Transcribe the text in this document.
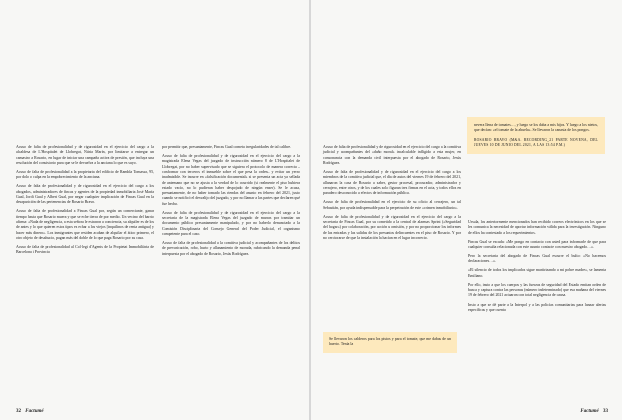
Acuso de falta de profesionalidad y de rigurosidad en el ejercicio del cargo a la alcaldesa de L'Hospitalet de Llobregat, Núria Marín, por limitarse a entregar un camastro a Rosario, en lugar de iniciar una campaña activa de presión, que incluya una resolución del consistorio para que se le devuelva a la anciana lo que es suyo.

Acuso de falta de profesionalidad a la propietaria del edificio de Rambla Tomassa, 95, por dolo o culpa en la empobrecimiento de la anciana.

Acuso de falta de profesionalidad y de rigurosidad en el ejercicio del cargo a los abogados, administradores de fincas y agentes de la propiedad inmobiliaria José María Gual, Jordi Gual y Albert Gual, por negar cualquier implicación de Fincas Gual en la desaparición de las pertenencias de Rosario Bravo.

Acuso de falta de profesionalidad a Fincas Gual por, según un comerciante, ganar tiempo hasta que Rosario muera y que se eche tierra de por medio. Un vecino del barrio afirma: «Nada de negligencia, a esta señora le estraron a conciencia, su alquiler es de los de antes y lo que quieren estos tipos es echar a los viejos [inquilinos de renta antigua] y hacer más dinero». Los inmigrantes que residen acaban de alquilar el ático primero, el otro objeto de desahucio, pagan más del doble de lo que paga Rosario por su casa.

Acuso de falta de profesionalidad al Col·legi d'Agents de la Propietat Immobiliària de Barcelona i Provincia

por permitir que, presuntamente, Fincas Gual cometa irregularidades de tal calibre.

Acuso de falta de profesionalidad y de rigurosidad en el ejercicio del cargo a la magistrada Elena Vegas del juzgado de instrucción número 8 de L'Hospitalet de Llobregat, por no haber supervisado que se siguiera el protocolo de manera correcta –conformar con terceros el inmueble sobre el que pesa la orden– y evitar un yerro inadmisible. Se incurre en «falsificación documental» si se presenta un acta ya sellada de antemano que no se ajusta a la verdad de lo ocurrido (si realmente el piso hubiera estado vacío, no lo pudieran haber despojado de ningún enser). Se le acusa, presuntamente, de no haber tomado las riendas del asunto en febrero del 2021, justo cuando se notificó el desvalijo del juzgado, y por no llamar a las partes que declaren qué fue hecho.

Acuso de falta de profesionalidad y de rigurosidad en el ejercicio del cargo a la secretaria de la magistrada Elena Vegas del juzgado de marras por tramitar un documento público presuntamente manipulado, y por no haberlo denunciado a la Comisión Disciplinaria del Consejo General del Poder Judicial, el organismo competente para el caso.

Acuso de falta de profesionalidad a la comitiva judicial y acompañantes de los delitos de prevaricación, robo, hurto y allanamiento de morada, rubricando la demanda penal interpuesta por el abogado de Rosario, Jesús Rodríguez.

32 Factumé

Acuso de falta de profesionalidad y de rigurosidad en el ejercicio del cargo a la comitiva judicial y acompañantes del «daño moral» incalculable infligido a esta mujer, en consonancia con la demanda civil interpuesta por el abogado de Rosario, Jesús Rodríguez.

Acuso de falta de profesionalidad y de rigurosidad en el ejercicio del cargo a los miembros de la comitiva judicial que, el día de autos del viernes 19 de febrero del 2021, allanaron la casa de Rosario a saber, gestor procesal, procurador, administrador y cerrajero, entre otros, y de los cuales solo figuran tres firmas en el acta, y todos ellos en paradero desconocido a efectos de información pública.

Acuso de falta de profesionalidad en el ejercicio de su oficio al cerrajero, un tal Sebastián, por ayuda indispensable para la perpetración de este «crimen inmobiliario».

Acuso de falta de profesionalidad y de rigurosidad en el ejercicio del cargo a la secretaria de Fincas Gual, por su cometido a la central de alarmas Sprint («Seguridad del hogar») por colaboración, por acción u omisión, y por no proporcionar los informes de las entradas y las salidas de los presuntos delincuentes en el piso de Rosario. Y por no cerciorarse de que la instalación la hacían en el lugar incorrecto.

Se llevaron los calderos para los pistos y para el tomate, que me dabas de un huerto. Tenía la

nevera llena de tomates…, y luego se los daba a mis hijos. Y luego a los nietos, que decían: «el tomate de la abuela». Se llevaron la canasta de los pongos.

ROSARIO BRAVO (M&A. RECORDING_21 PARTE NOVENA, DEL JUEVES 10 DE JUNIO DEL 2021, A LAS 13:54 P.M.)

Ursula, los anteriormente mencionados han recibido correos electrónicos en los que se les comunica la necesidad de aportar información válida para la investigación. Ninguno de ellos ha contestado a los requerimientos.

Fincas Gual se escuda: «Me pongo en contacto con usted para informarle de que para cualquier consulta relacionada con este asunto contacte con nuestro abogado…».

Pero la secretaria del abogado de Fincas Gual escurre el bulto: «No hacemos declaraciones…».

«El silencio de todos los implicados sigue martirizando a mi pobre madre», se lamenta Emiliano.

Por ello, insto a que los cuerpos y las fuerzas de seguridad del Estado emitan orden de busca y captura contra las personas (número indeterminado) que esa mañana del viernes 19 de febrero del 2021 actuaron con total negligencia de causa.

Insto a que se dé parte a la Interpol y a las policías comunitarias para lanzar alertas específicas y que cuenta

Factumé 33
